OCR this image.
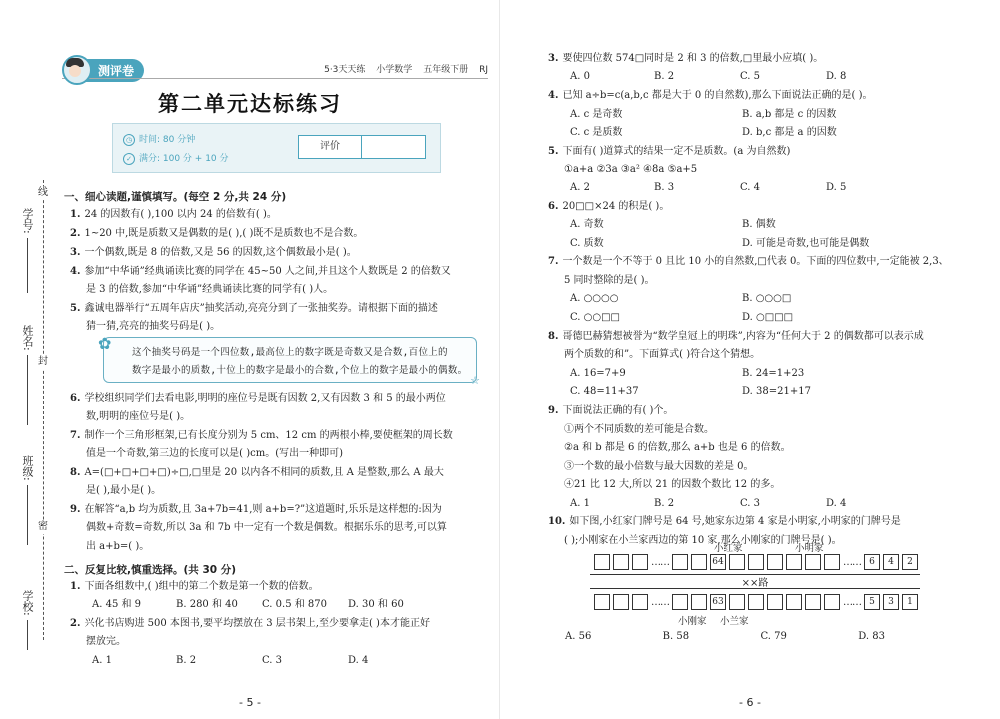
学号:
姓名:
班级:
学校:
线
封
密
测评卷	5·3天天练 小学数学 五年级下册 RJ
第二单元达标练习
◷ 时间: 80 分钟
✓ 满分: 100 分 + 10 分
评价
一、细心读题,谨慎填写。(每空 2 分,共 24 分)
1. 24 的因数有( ),100 以内 24 的倍数有( )。
2. 1~20 中,既是质数又是偶数的是( ),( )既不是质数也不是合数。
3. 一个偶数,既是 8 的倍数,又是 56 的因数,这个偶数最小是( )。
4. 参加“中华诵”经典诵读比赛的同学在 45~50 人之间,并且这个人数既是 2 的倍数又
是 3 的倍数,参加“中华诵”经典诵读比赛的同学有( )人。
5. 鑫诚电器举行“五周年店庆”抽奖活动,亮亮分到了一张抽奖券。请根据下面的描述
猜一猜,亮亮的抽奖号码是( )。
6. 学校组织同学们去看电影,明明的座位号是既有因数 2,又有因数 3 和 5 的最小两位
数,明明的座位号是( )。
7. 制作一个三角形框架,已有长度分别为 5 cm、12 cm 的两根小棒,要使框架的周长数
值是一个奇数,第三边的长度可以是( )cm。(写出一种即可)
8. A=(□+□+□+□)÷□,□里是 20 以内各不相同的质数,且 A 是整数,那么 A 最大
是( ),最小是( )。
9. 在解答“a,b 均为质数,且 3a+7b=41,则 a+b=?”这道题时,乐乐是这样想的:因为
偶数+奇数=奇数,所以 3a 和 7b 中一定有一个数是偶数。根据乐乐的思考,可以算
出 a+b=( )。
二、反复比较,慎重选择。(共 30 分)
1. 下面各组数中,( )组中的第二个数是第一个数的倍数。
A. 45 和 9	B. 280 和 40 C. 0.5 和 870 D. 30 和 60
2. 兴化书店购进 500 本图书,要平均摆放在 3 层书架上,至少要拿走( )本才能正好
摆放完。
A. 1	B. 2	C. 3	D. 4
✿ 这个抽奖号码是一个四位数,最高位上的数字既是奇数又是合数,百位上的
数字是最小的质数,十位上的数字是最小的合数,个位上的数字是最小的偶数。
☆
- 5 -
3. 要使四位数 574□同时是 2 和 3 的倍数,□里最小应填( )。
A. 0	B. 2	C. 5	D. 8
4. 已知 a÷b=c(a,b,c 都是大于 0 的自然数),那么下面说法正确的是( )。
A. c 是奇数	B. a,b 都是 c 的因数
C. c 是质数	D. b,c 都是 a 的因数
5. 下面有( )道算式的结果一定不是质数。(a 为自然数)
①a+a ②3a ③a² ④8a ⑤a+5
A. 2	B. 3	C. 4	D. 5
6. 20□□×24 的积是( )。
A. 奇数	B. 偶数
C. 质数	D. 可能是奇数,也可能是偶数
7. 一个数是一个不等于 0 且比 10 小的自然数,□代表 0。下面的四位数中,一定能被 2,3、
5 同时整除的是( )。
A. ○○○○	B. ○○○□
C. ○○□□	D. ○□□□
8. 哥德巴赫猜想被誉为“数学皇冠上的明珠”,内容为“任何大于 2 的偶数都可以表示成
两个质数的和”。下面算式( )符合这个猜想。
A. 16=7+9	B. 24=1+23
C. 48=11+37	D. 38=21+17
9. 下面说法正确的有( )个。
①两个不同质数的差可能是合数。
②a 和 b 都是 6 的倍数,那么 a+b 也是 6 的倍数。
③一个数的最小倍数与最大因数的差是 0。
④21 比 12 大,所以 21 的因数个数比 12 的多。
A. 1	B. 2	C. 3	D. 4
10. 如下图,小红家门牌号是 64 号,她家东边第 4 家是小明家,小明家的门牌号是
( );小刚家在小兰家西边的第 10 家,那么小刚家的门牌号是( )。
- 6 -
小红家	小明家
……	64	…… 6	4	2
××路
……	63	…… 5	3	1
小刚家 小兰家
A. 56	B. 58	C. 79	D. 83
